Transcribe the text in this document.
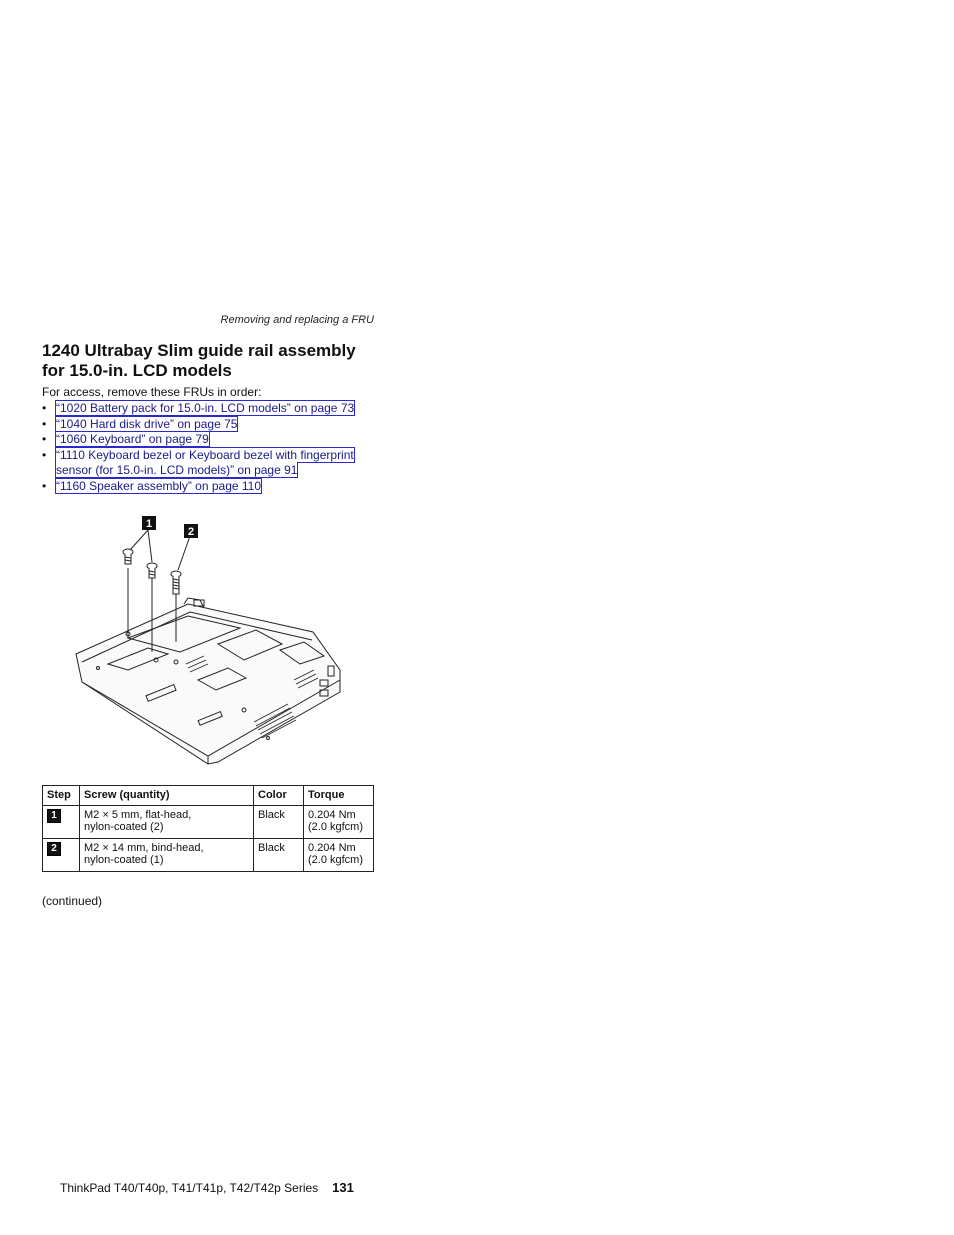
Removing and replacing a FRU
1240 Ultrabay Slim guide rail assembly
for 15.0-in. LCD models
For access, remove these FRUs in order:
• “1020 Battery pack for 15.0-in. LCD models” on page 73
• “1040 Hard disk drive” on page 75
• “1060 Keyboard” on page 79
• “1110 Keyboard bezel or Keyboard bezel with fingerprint sensor (for 15.0-in. LCD models)” on page 91
• “1160 Speaker assembly” on page 110
1
2
Step	Screw (quantity)	Color	Torque
1	M2 × 5 mm, flat-head,
nylon-coated (2)	Black	0.204 Nm
(2.0 kgfcm)
2	M2 × 14 mm, bind-head,
nylon-coated (1)	Black	0.204 Nm
(2.0 kgfcm)
(continued)
ThinkPad T40/T40p, T41/T41p, T42/T42p Series 131
